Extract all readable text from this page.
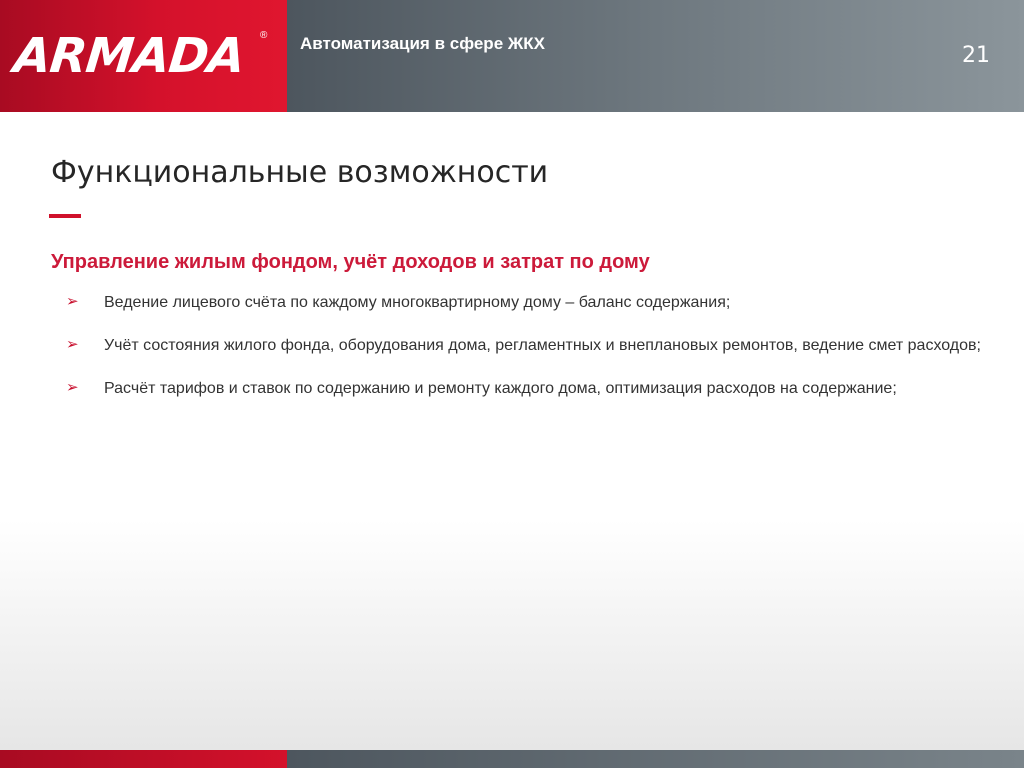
ARMADA ® Автоматизация в сфере ЖКХ	21
Функциональные возможности
Управление жилым фондом, учёт доходов и затрат по дому
➢ Ведение лицевого счёта по каждому многоквартирному дому – баланс содержания;
➢ Учёт состояния жилого фонда, оборудования дома, регламентных и внеплановых ремонтов, ведение смет расходов;
➢ Расчёт тарифов и ставок по содержанию и ремонту каждого дома, оптимизация расходов на содержание;
